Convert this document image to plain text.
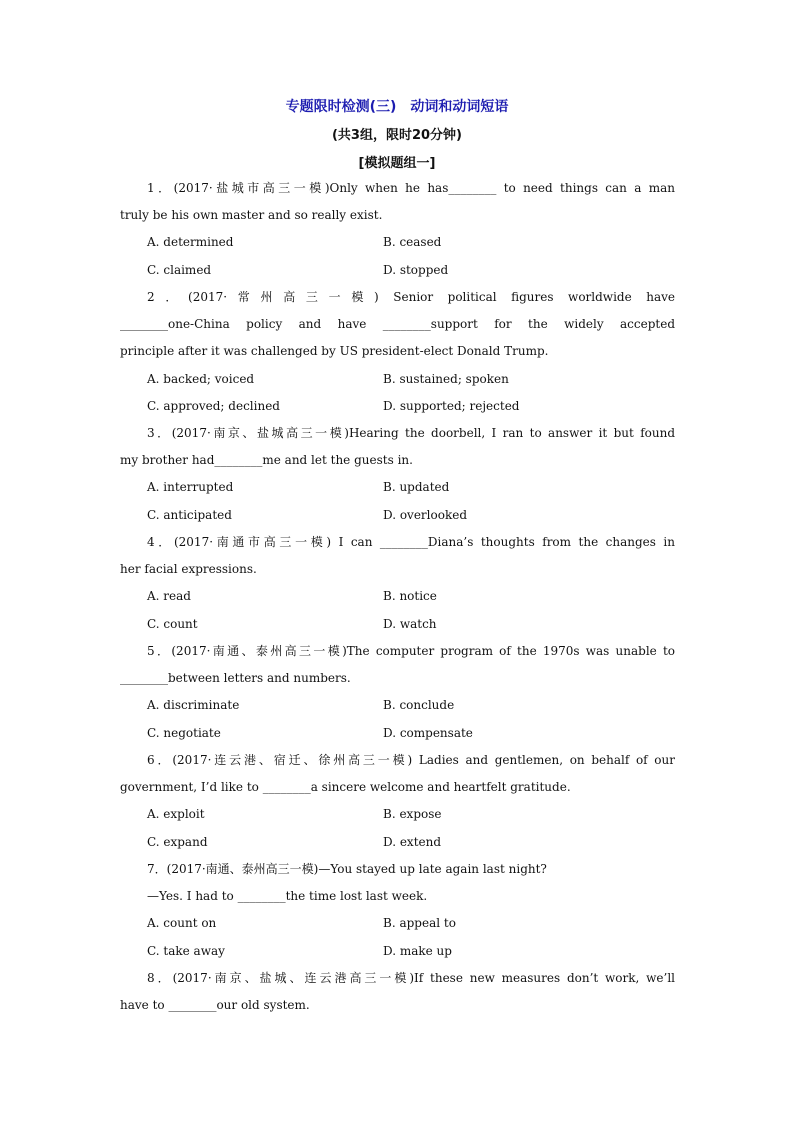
专题限时检测(三)　动词和动词短语
(共3组，限时20分钟)
[模拟题组一]
1．(2017·盐城市高三一模)Only when he has________ to need things can a man
truly be his own master and so really exist.
A. determined	B. ceased
C. claimed	D. stopped
2．(2017·常州高三一模) Senior political figures worldwide have
________one-China policy and have ________support for the widely accepted
principle after it was challenged by US president-elect Donald Trump.
A. backed; voiced	B. sustained; spoken
C. approved; declined	D. supported; rejected
3．(2017·南京、盐城高三一模)Hearing the doorbell, I ran to answer it but found
my brother had________me and let the guests in.
A. interrupted	B. updated
C. anticipated	D. overlooked
4．(2017·南通市高三一模) I can ________Diana’s thoughts from the changes in
her facial expressions.
A. read	B. notice
C. count	D. watch
5．(2017·南通、泰州高三一模)The computer program of the 1970s was unable to
________between letters and numbers.
A. discriminate	B. conclude
C. negotiate	D. compensate
6．(2017·连云港、宿迁、徐州高三一模) Ladies and gentlemen, on behalf of our
government, I’d like to ________a sincere welcome and heartfelt gratitude.
A. exploit	B. expose
C. expand	D. extend
7．(2017·南通、泰州高三一模)—You stayed up late again last night?
—Yes. I had to ________the time lost last week.
A. count on	B. appeal to
C. take away	D. make up
8．(2017·南京、盐城、连云港高三一模)If these new measures don’t work, we’ll
have to ________our old system.
